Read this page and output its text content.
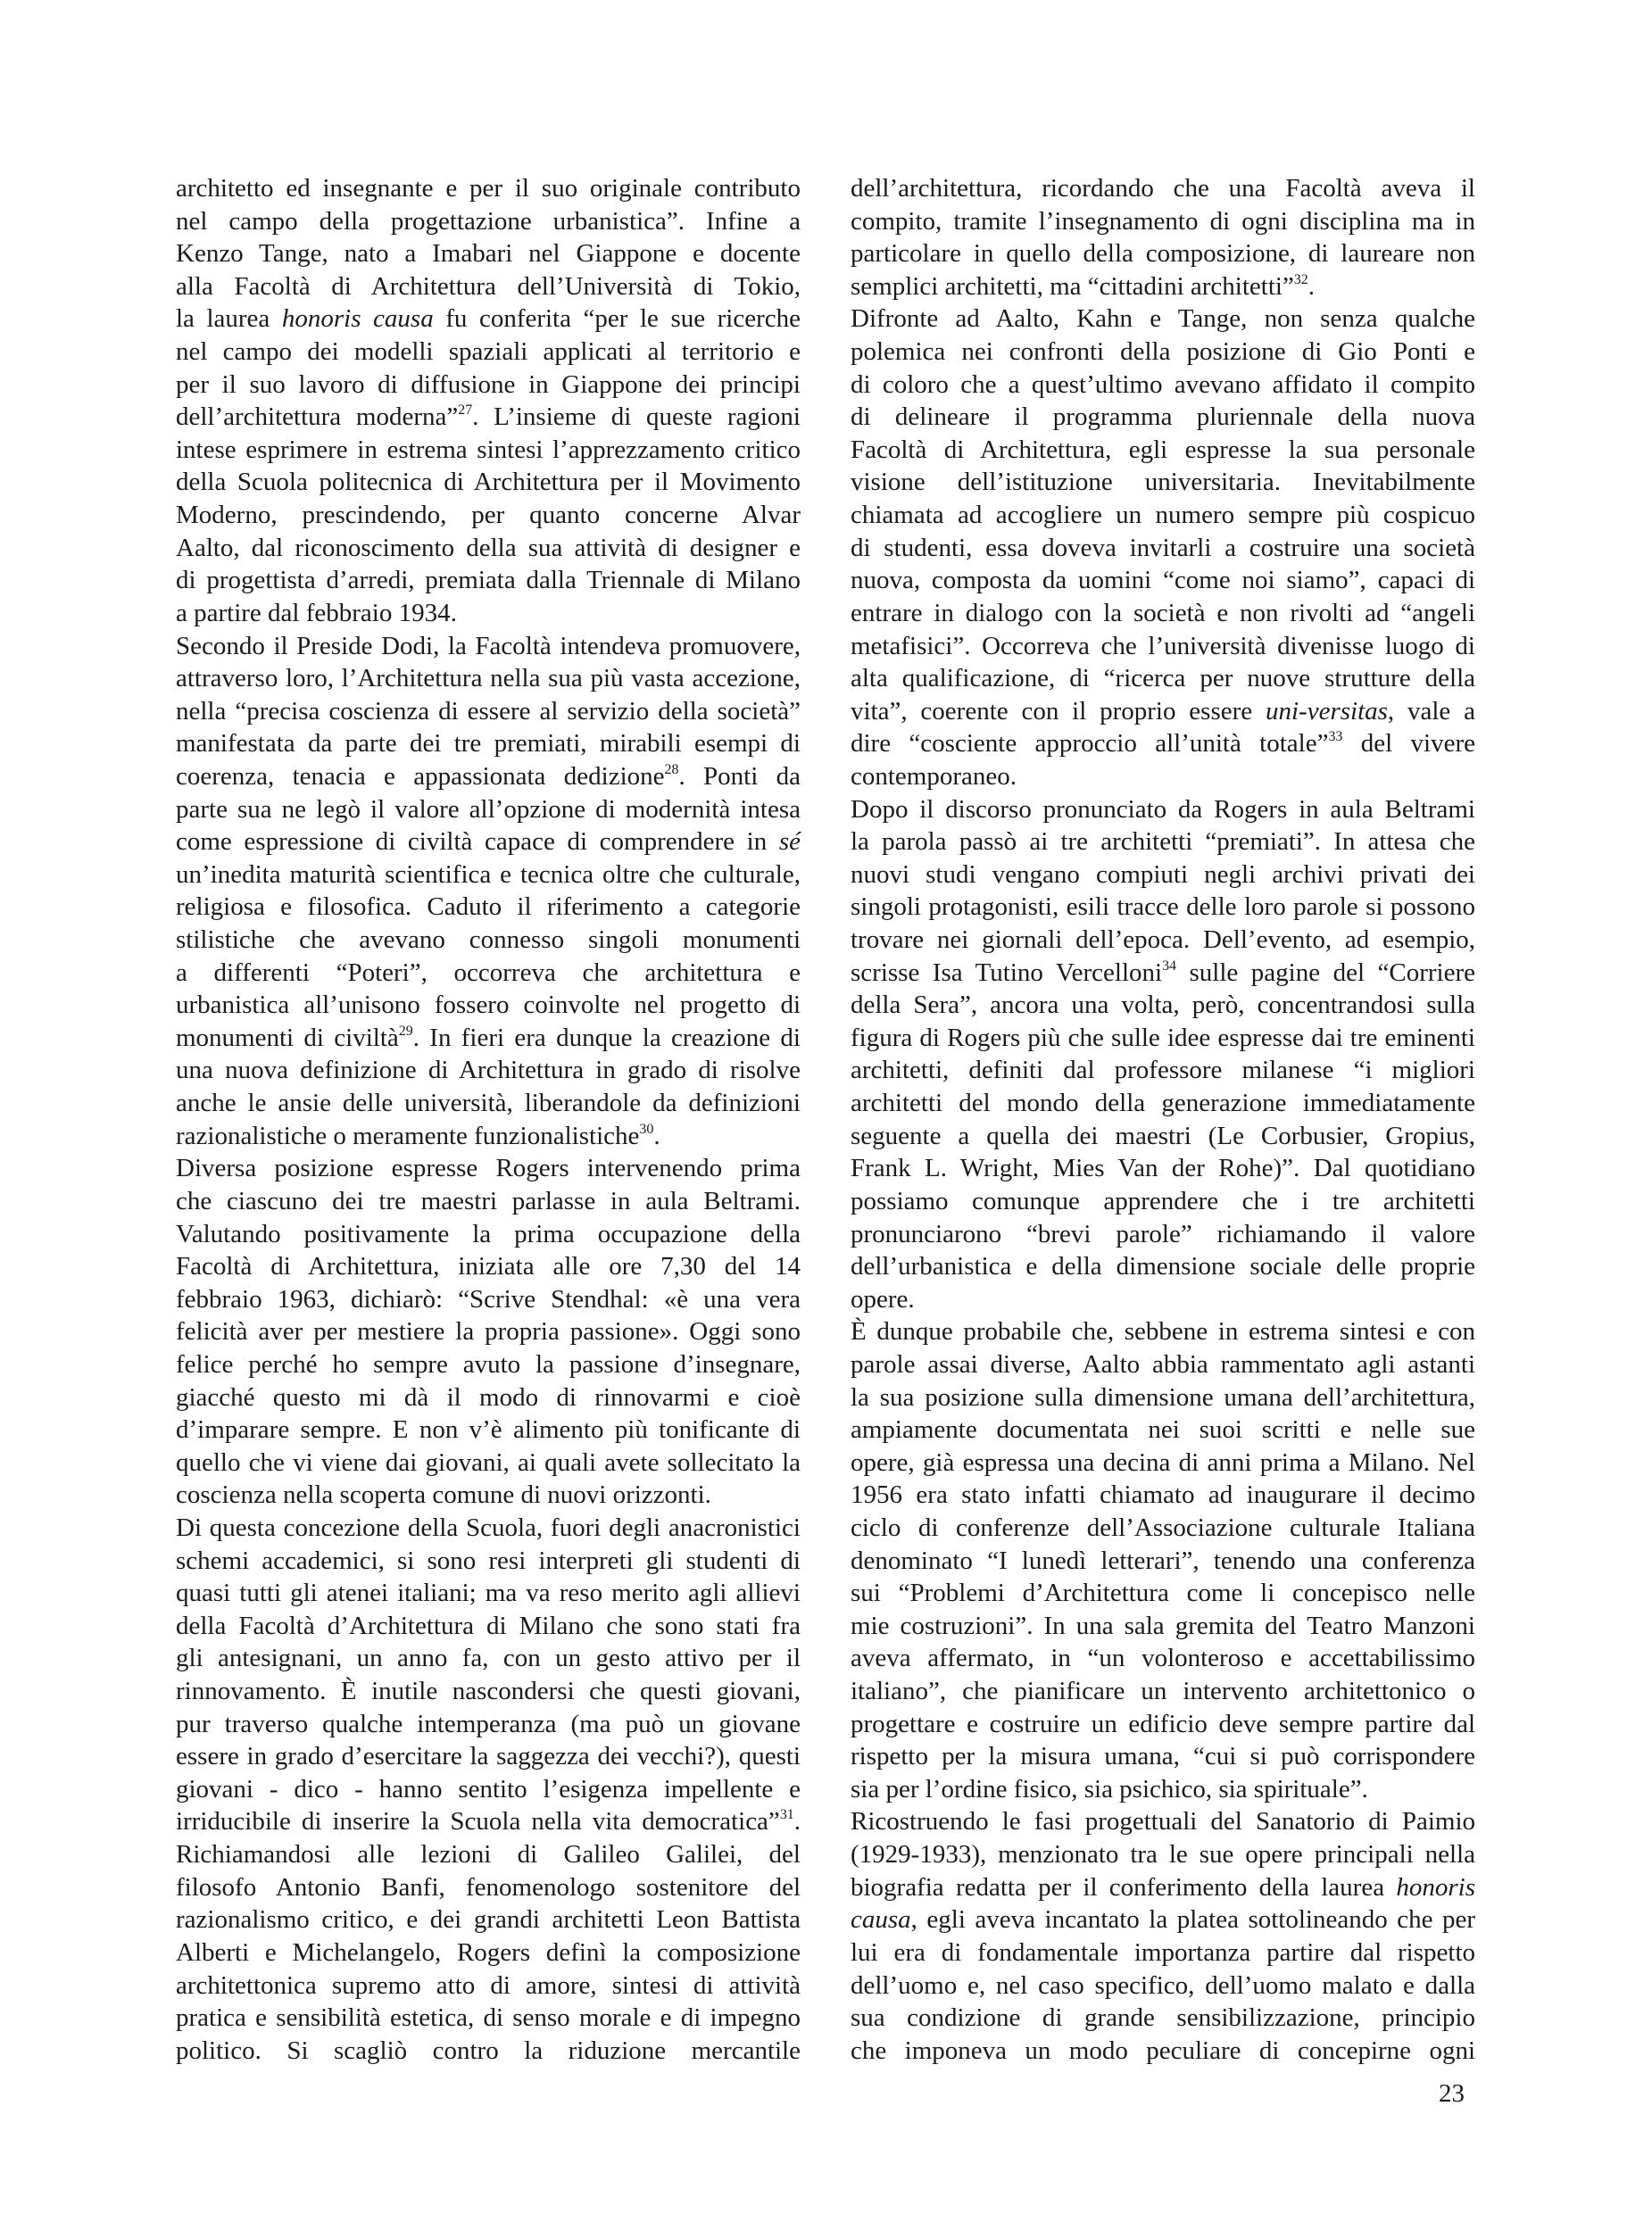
architetto ed insegnante e per il suo originale contributo
nel campo della progettazione urbanistica”. Infine a
Kenzo Tange, nato a Imabari nel Giappone e docente
alla Facoltà di Architettura dell’Università di Tokio,
la laurea honoris causa fu conferita “per le sue ricerche
nel campo dei modelli spaziali applicati al territorio e
per il suo lavoro di diffusione in Giappone dei principi
dell’architettura moderna”$^{27}$. L’insieme di queste ragioni
intese esprimere in estrema sintesi l’apprezzamento critico
della Scuola politecnica di Architettura per il Movimento
Moderno, prescindendo, per quanto concerne Alvar
Aalto, dal riconoscimento della sua attività di designer e
di progettista d’arredi, premiata dalla Triennale di Milano
a partire dal febbraio 1934.
Secondo il Preside Dodi, la Facoltà intendeva promuovere,
attraverso loro, l’Architettura nella sua più vasta accezione,
nella “precisa coscienza di essere al servizio della società”
manifestata da parte dei tre premiati, mirabili esempi di
coerenza, tenacia e appassionata dedizione$^{28}$. Ponti da
parte sua ne legò il valore all’opzione di modernità intesa
come espressione di civiltà capace di comprendere in sé
un’inedita maturità scientifica e tecnica oltre che culturale,
religiosa e filosofica. Caduto il riferimento a categorie
stilistiche che avevano connesso singoli monumenti
a differenti “Poteri”, occorreva che architettura e
urbanistica all’unisono fossero coinvolte nel progetto di
monumenti di civiltà$^{29}$. In fieri era dunque la creazione di
una nuova definizione di Architettura in grado di risolve
anche le ansie delle università, liberandole da definizioni
razionalistiche o meramente funzionalistiche$^{30}$.
Diversa posizione espresse Rogers intervenendo prima
che ciascuno dei tre maestri parlasse in aula Beltrami.
Valutando positivamente la prima occupazione della
Facoltà di Architettura, iniziata alle ore 7,30 del 14
febbraio 1963, dichiarò: “Scrive Stendhal: «è una vera
felicità aver per mestiere la propria passione». Oggi sono
felice perché ho sempre avuto la passione d’insegnare,
giacché questo mi dà il modo di rinnovarmi e cioè
d’imparare sempre. E non v’è alimento più tonificante di
quello che vi viene dai giovani, ai quali avete sollecitato la
coscienza nella scoperta comune di nuovi orizzonti.
Di questa concezione della Scuola, fuori degli anacronistici
schemi accademici, si sono resi interpreti gli studenti di
quasi tutti gli atenei italiani; ma va reso merito agli allievi
della Facoltà d’Architettura di Milano che sono stati fra
gli antesignani, un anno fa, con un gesto attivo per il
rinnovamento. È inutile nascondersi che questi giovani,
pur traverso qualche intemperanza (ma può un giovane
essere in grado d’esercitare la saggezza dei vecchi?), questi
giovani - dico - hanno sentito l’esigenza impellente e
irriducibile di inserire la Scuola nella vita democratica”$^{31}$.
Richiamandosi alle lezioni di Galileo Galilei, del
filosofo Antonio Banfi, fenomenologo sostenitore del
razionalismo critico, e dei grandi architetti Leon Battista
Alberti e Michelangelo, Rogers definì la composizione
architettonica supremo atto di amore, sintesi di attività
pratica e sensibilità estetica, di senso morale e di impegno
politico. Si scagliò contro la riduzione mercantile
dell’architettura, ricordando che una Facoltà aveva il
compito, tramite l’insegnamento di ogni disciplina ma in
particolare in quello della composizione, di laureare non
semplici architetti, ma “cittadini architetti”$^{32}$.
Difronte ad Aalto, Kahn e Tange, non senza qualche
polemica nei confronti della posizione di Gio Ponti e
di coloro che a quest’ultimo avevano affidato il compito
di delineare il programma pluriennale della nuova
Facoltà di Architettura, egli espresse la sua personale
visione dell’istituzione universitaria. Inevitabilmente
chiamata ad accogliere un numero sempre più cospicuo
di studenti, essa doveva invitarli a costruire una società
nuova, composta da uomini “come noi siamo”, capaci di
entrare in dialogo con la società e non rivolti ad “angeli
metafisici”. Occorreva che l’università divenisse luogo di
alta qualificazione, di “ricerca per nuove strutture della
vita”, coerente con il proprio essere uni-versitas, vale a
dire “cosciente approccio all’unità totale”$^{33}$ del vivere
contemporaneo.
Dopo il discorso pronunciato da Rogers in aula Beltrami
la parola passò ai tre architetti “premiati”. In attesa che
nuovi studi vengano compiuti negli archivi privati dei
singoli protagonisti, esili tracce delle loro parole si possono
trovare nei giornali dell’epoca. Dell’evento, ad esempio,
scrisse Isa Tutino Vercelloni$^{34}$ sulle pagine del “Corriere
della Sera”, ancora una volta, però, concentrandosi sulla
figura di Rogers più che sulle idee espresse dai tre eminenti
architetti, definiti dal professore milanese “i migliori
architetti del mondo della generazione immediatamente
seguente a quella dei maestri (Le Corbusier, Gropius,
Frank L. Wright, Mies Van der Rohe)”. Dal quotidiano
possiamo comunque apprendere che i tre architetti
pronunciarono “brevi parole” richiamando il valore
dell’urbanistica e della dimensione sociale delle proprie
opere.
È dunque probabile che, sebbene in estrema sintesi e con
parole assai diverse, Aalto abbia rammentato agli astanti
la sua posizione sulla dimensione umana dell’architettura,
ampiamente documentata nei suoi scritti e nelle sue
opere, già espressa una decina di anni prima a Milano. Nel
1956 era stato infatti chiamato ad inaugurare il decimo
ciclo di conferenze dell’Associazione culturale Italiana
denominato “I lunedì letterari”, tenendo una conferenza
sui “Problemi d’Architettura come li concepisco nelle
mie costruzioni”. In una sala gremita del Teatro Manzoni
aveva affermato, in “un volonteroso e accettabilissimo
italiano”, che pianificare un intervento architettonico o
progettare e costruire un edificio deve sempre partire dal
rispetto per la misura umana, “cui si può corrispondere
sia per l’ordine fisico, sia psichico, sia spirituale”.
Ricostruendo le fasi progettuali del Sanatorio di Paimio
(1929-1933), menzionato tra le sue opere principali nella
biografia redatta per il conferimento della laurea honoris
causa, egli aveva incantato la platea sottolineando che per
lui era di fondamentale importanza partire dal rispetto
dell’uomo e, nel caso specifico, dell’uomo malato e dalla
sua condizione di grande sensibilizzazione, principio
che imponeva un modo peculiare di concepirne ogni
23
